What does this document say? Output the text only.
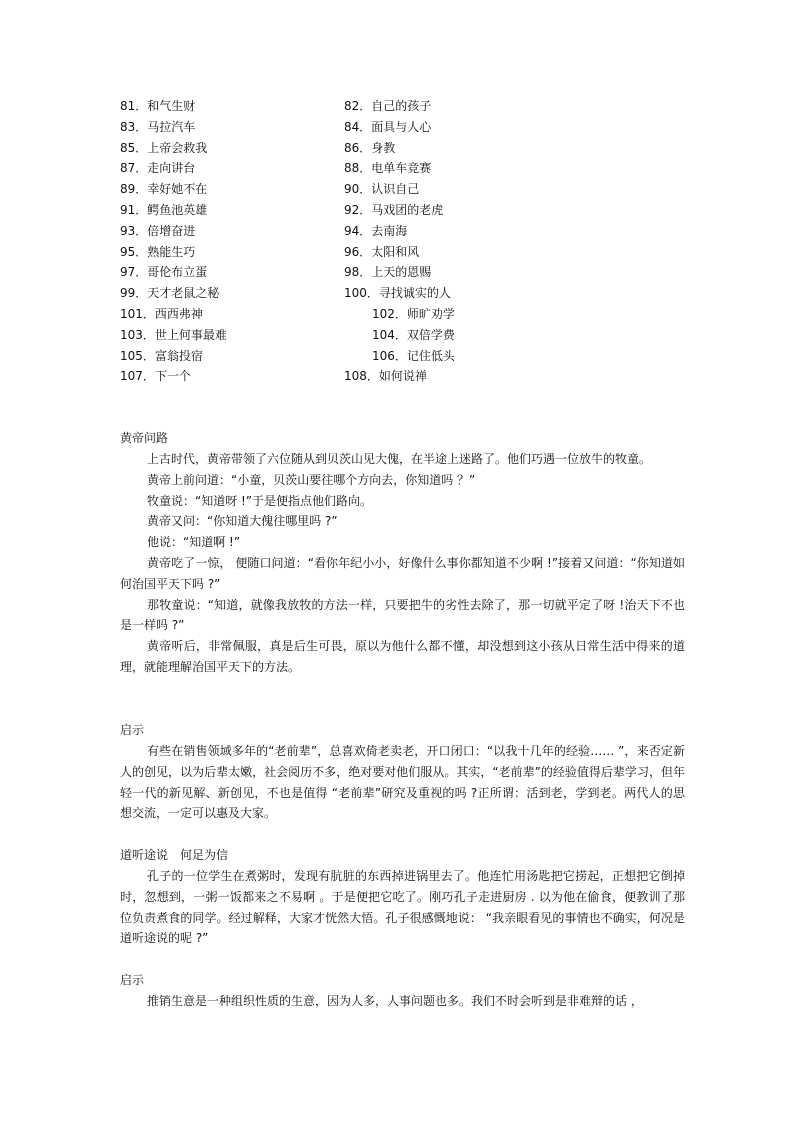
81．和气生财	82．自己的孩子
83．马拉汽车	84．面具与人心
85．上帝会救我	86．身教
87．走向讲台	88．电单车竞赛
89．幸好她不在	90．认识自己
91．鳄鱼池英雄	92．马戏团的老虎
93．倍增奋进	94．去南海
95．熟能生巧	96．太阳和风
97．哥伦布立蛋	98．上天的恩赐
99．天才老鼠之秘	100．寻找诚实的人
101．西西弗神	102．师旷劝学
103．世上何事最难	104．双倍学费
105．富翁投宿	106．记住低头
107．下一个	108．如何说禅
黄帝问路

上古时代，黄帝带领了六位随从到贝茨山见大傀，在半途上迷路了。他们巧遇一位放牛的牧童。

黄帝上前问道：“小童，贝茨山要往哪个方向去，你知道吗 ？”

牧童说：“知道呀 !”于是便指点他们路向。

黄帝又问：“你知道大傀往哪里吗 ?”

他说：“知道啊 !”

黄帝吃了一惊， 便随口问道：“看你年纪小小，好像什么事你都知道不少啊 !”接着又问道：“你知道如何治国平天下吗 ?”

那牧童说：“知道，就像我放牧的方法一样，只要把牛的劣性去除了，那一切就平定了呀 !治天下不也是一样吗 ?”

黄帝听后，非常佩服，真是后生可畏，原以为他什么都不懂，却没想到这小孩从日常生活中得来的道理，就能理解治国平天下的方法。

启示

有些在销售领域多年的“老前辈”，总喜欢倚老卖老，开口闭口：“以我十几年的经验…… ”，来否定新人的创见，以为后辈太嫩，社会阅历不多，绝对要对他们服从。其实，“老前辈”的经验值得后辈学习，但年轻一代的新见解、新创见，不也是值得 “老前辈”研究及重视的吗 ?正所谓：活到老，学到老。两代人的思想交流，一定可以惠及大家。

道听途说　何足为信

孔子的一位学生在煮粥时，发现有肮脏的东西掉进锅里去了。他连忙用汤匙把它捞起，正想把它倒掉时，忽想到，一粥一饭都来之不易啊 。于是便把它吃了。刚巧孔子走进厨房 . 以为他在偷食，便教训了那位负责煮食的同学。经过解释，大家才恍然大悟。孔子很感慨地说： “我亲眼看见的事情也不确实，何况是道听途说的呢 ?”

启示

推销生意是一种组织性质的生意，因为人多，人事问题也多。我们不时会听到是非难辩的话 ，
